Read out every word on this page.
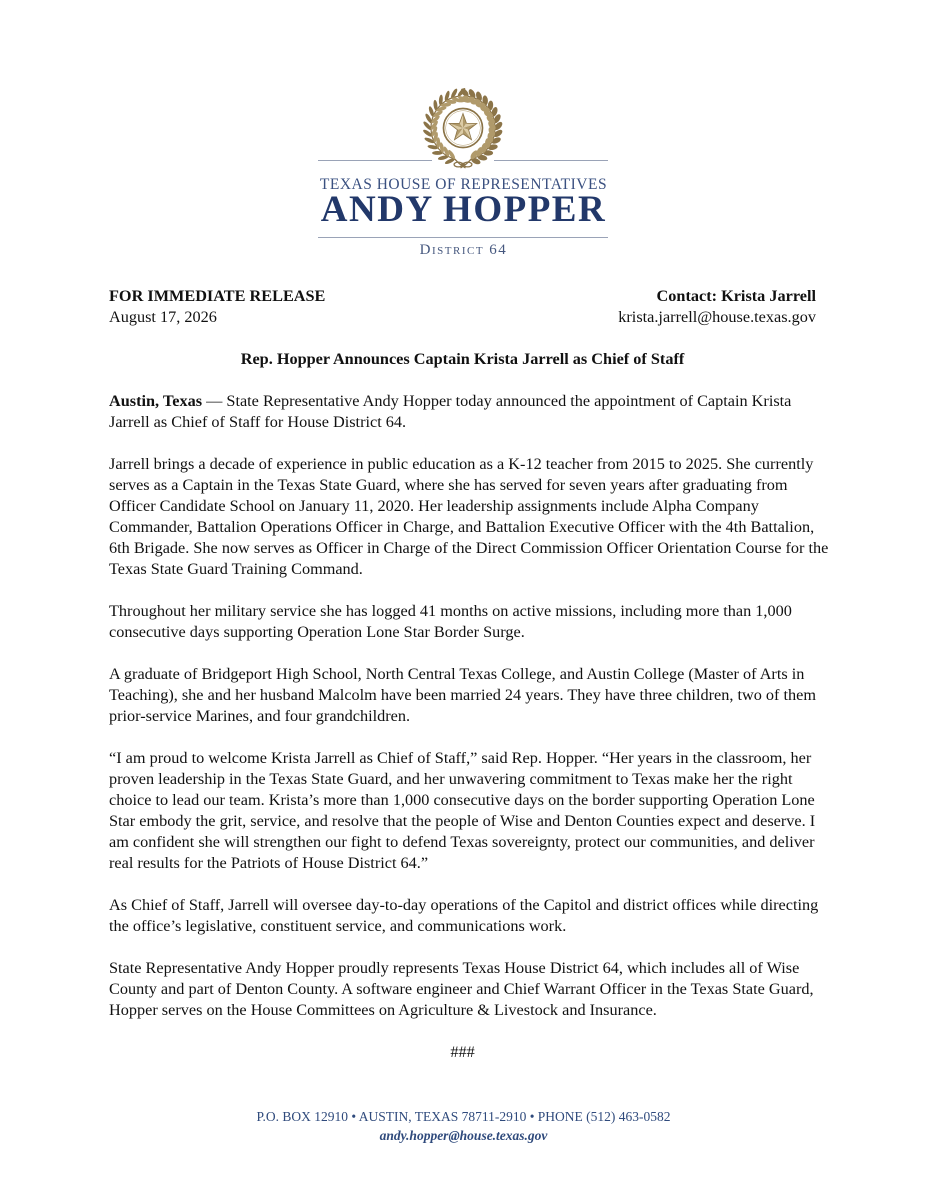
TEXAS HOUSE OF REPRESENTATIVES
ANDY HOPPER
District 64
FOR IMMEDIATE RELEASE
August 17, 2026
Contact: Krista Jarrell
krista.jarrell@house.texas.gov
Rep. Hopper Announces Captain Krista Jarrell as Chief of Staff
Austin, Texas — State Representative Andy Hopper today announced the appointment of Captain Krista
Jarrell as Chief of Staff for House District 64.
Jarrell brings a decade of experience in public education as a K-12 teacher from 2015 to 2025. She currently
serves as a Captain in the Texas State Guard, where she has served for seven years after graduating from
Officer Candidate School on January 11, 2020. Her leadership assignments include Alpha Company
Commander, Battalion Operations Officer in Charge, and Battalion Executive Officer with the 4th Battalion,
6th Brigade. She now serves as Officer in Charge of the Direct Commission Officer Orientation Course for the
Texas State Guard Training Command.
Throughout her military service she has logged 41 months on active missions, including more than 1,000
consecutive days supporting Operation Lone Star Border Surge.
A graduate of Bridgeport High School, North Central Texas College, and Austin College (Master of Arts in
Teaching), she and her husband Malcolm have been married 24 years. They have three children, two of them
prior-service Marines, and four grandchildren.
“I am proud to welcome Krista Jarrell as Chief of Staff,” said Rep. Hopper. “Her years in the classroom, her
proven leadership in the Texas State Guard, and her unwavering commitment to Texas make her the right
choice to lead our team. Krista’s more than 1,000 consecutive days on the border supporting Operation Lone
Star embody the grit, service, and resolve that the people of Wise and Denton Counties expect and deserve. I
am confident she will strengthen our fight to defend Texas sovereignty, protect our communities, and deliver
real results for the Patriots of House District 64.”
As Chief of Staff, Jarrell will oversee day-to-day operations of the Capitol and district offices while directing
the office’s legislative, constituent service, and communications work.
State Representative Andy Hopper proudly represents Texas House District 64, which includes all of Wise
County and part of Denton County. A software engineer and Chief Warrant Officer in the Texas State Guard,
Hopper serves on the House Committees on Agriculture & Livestock and Insurance.
###
P.O. BOX 12910 • AUSTIN, TEXAS 78711-2910 • PHONE (512) 463-0582
andy.hopper@house.texas.gov
